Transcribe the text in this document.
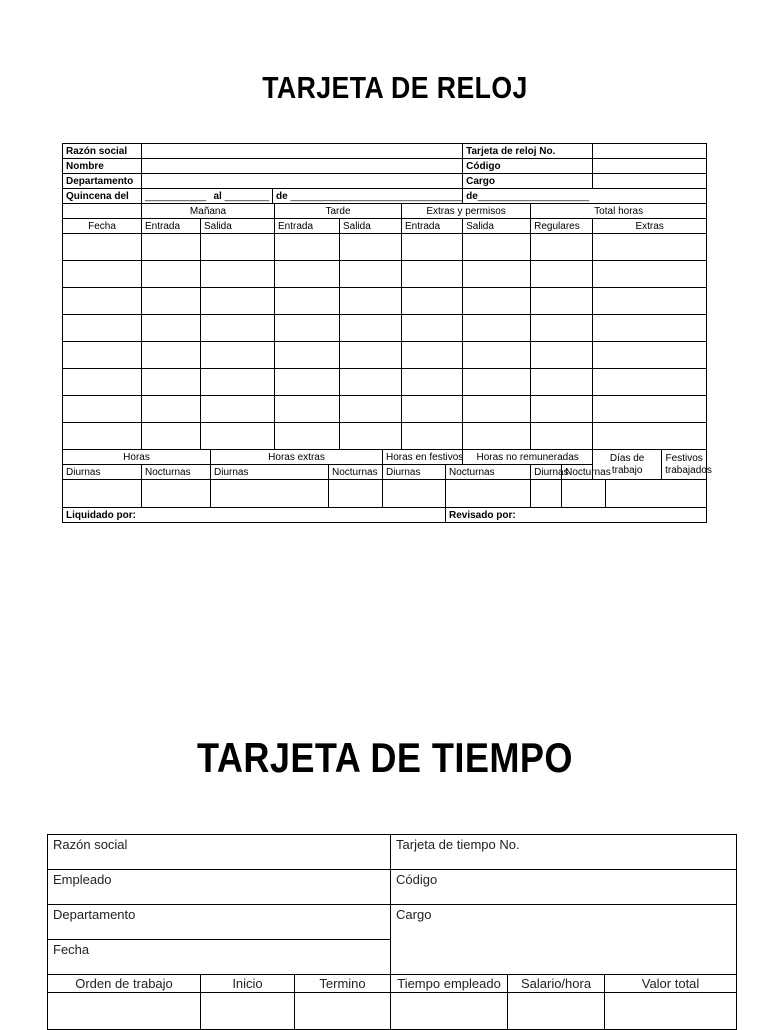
TARJETA DE RELOJ
Razón social											Tarjeta de reloj No.						
Nombre											Código						
Departamento											Cargo						
Quincena del	___________		al ________	de _______________________________							de____________________						
	Mañana				Tarde				Extras y permisos			Total horas					
Fecha	Entrada	Salida			Entrada		Salida		Entrada		Salida	Regulares		Extras			

Horas			Horas extras					Horas en festivos			Horas no remuneradas			Días de trabajo		Festivos trabajados	
Diurnas	Nocturnas		Diurnas			Nocturnas		Diurnas		Nocturnas		Diurnas	Nocturnas				

Liquidado por:										Revisado por:							
TARJETA DE TIEMPO
Razón social			Tarjeta de tiempo No.		
Empleado			Código		
Departamento			Cargo		
Fecha					
Orden de trabajo	Inicio	Termino	Tiempo empleado	Salario/hora	Valor total
